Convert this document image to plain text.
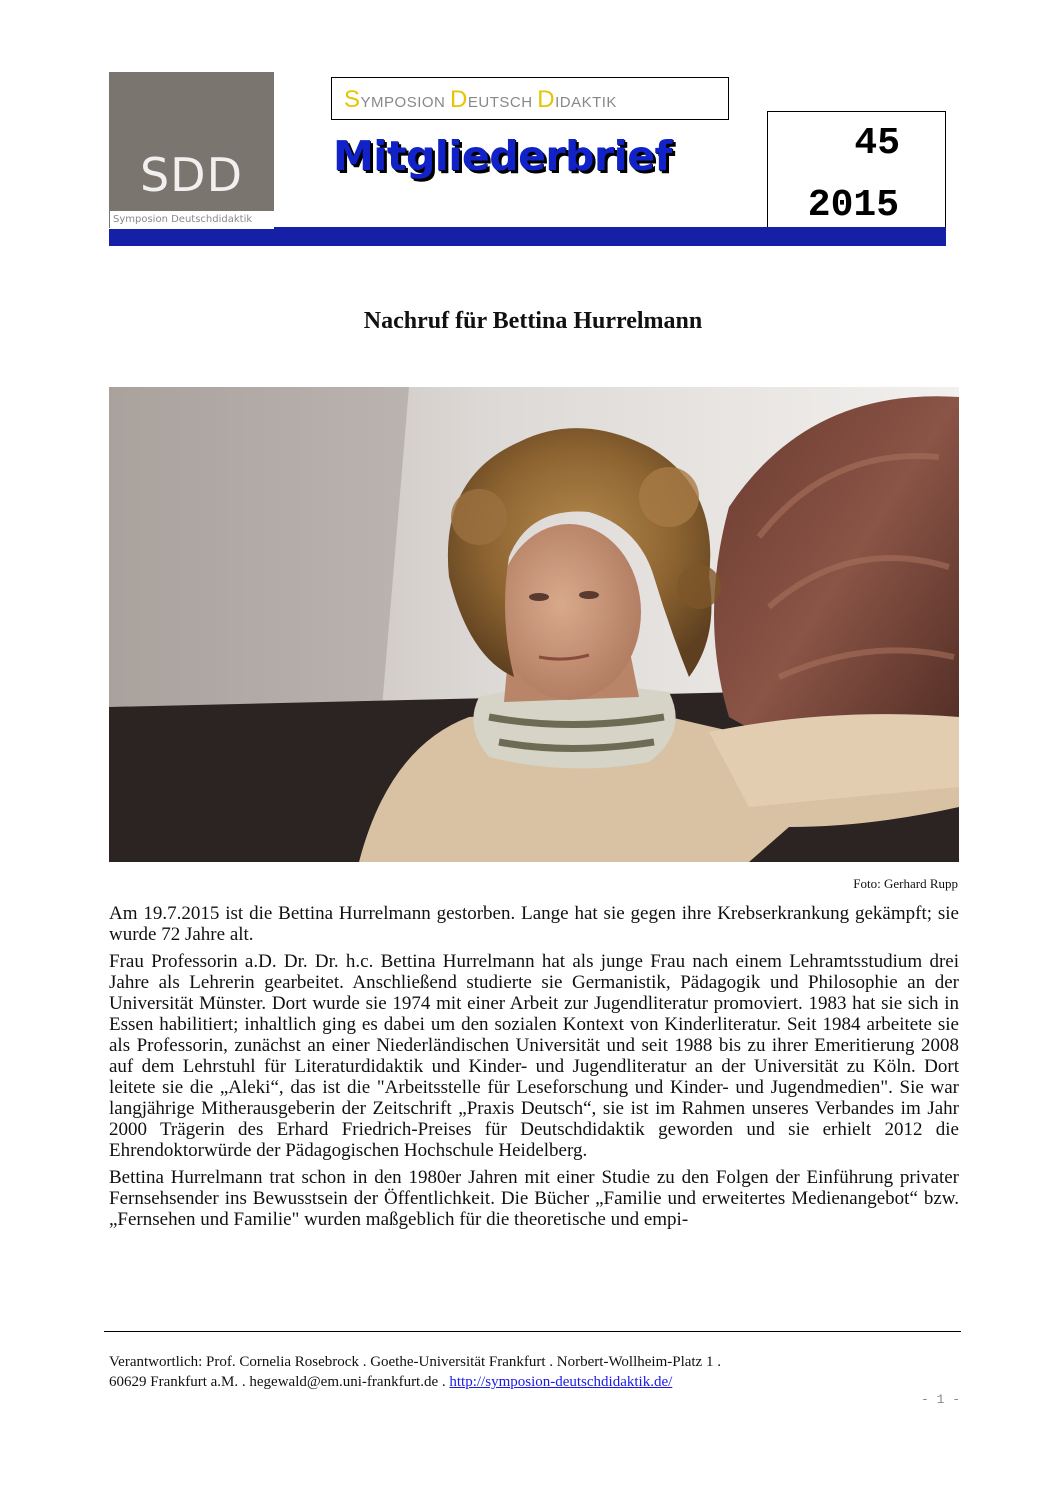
SDD
Symposion Deutschdidaktik
SYMPOSION DEUTSCH DIDAKTIK
Mitgliederbrief	45
2015
Nachruf für Bettina Hurrelmann
Foto: Gerhard Rupp

Am 19.7.2015 ist die Bettina Hurrelmann gestorben. Lange hat sie gegen ihre Krebserkrankung gekämpft; sie wurde 72 Jahre alt.

Frau Professorin a.D. Dr. Dr. h.c. Bettina Hurrelmann hat als junge Frau nach einem Lehramtsstudium drei Jahre als Lehrerin gearbeitet. Anschließend studierte sie Germanistik, Pädagogik und Philosophie an der Universität Münster. Dort wurde sie 1974 mit einer Arbeit zur Jugendliteratur promoviert. 1983 hat sie sich in Essen habilitiert; inhaltlich ging es dabei um den sozialen Kontext von Kinderliteratur. Seit 1984 arbeitete sie als Professorin, zunächst an einer Niederländischen Universität und seit 1988 bis zu ihrer Emeritierung 2008 auf dem Lehrstuhl für Literaturdidaktik und Kinder- und Jugendliteratur an der Universität zu Köln. Dort leitete sie die „Aleki“, das ist die "Arbeitsstelle für Leseforschung und Kinder- und Jugendmedien". Sie war langjährige Mitherausgeberin der Zeitschrift „Praxis Deutsch“, sie ist im Rahmen unseres Verbandes im Jahr 2000 Trägerin des Erhard Friedrich-Preises für Deutschdidaktik geworden und sie erhielt 2012 die Ehrendoktorwürde der Pädagogischen Hochschule Heidelberg.

Bettina Hurrelmann trat schon in den 1980er Jahren mit einer Studie zu den Folgen der Einführung privater Fernsehsender ins Bewusstsein der Öffentlichkeit. Die Bücher „Familie und erweitertes Medienangebot“ bzw. „Fernsehen und Familie" wurden maßgeblich für die theoretische und empi-

Verantwortlich: Prof. Cornelia Rosebrock . Goethe-Universität Frankfurt . Norbert-Wollheim-Platz 1 .
60629 Frankfurt a.M. . hegewald@em.uni-frankfurt.de . http://symposion-deutschdidaktik.de/
- 1 -
